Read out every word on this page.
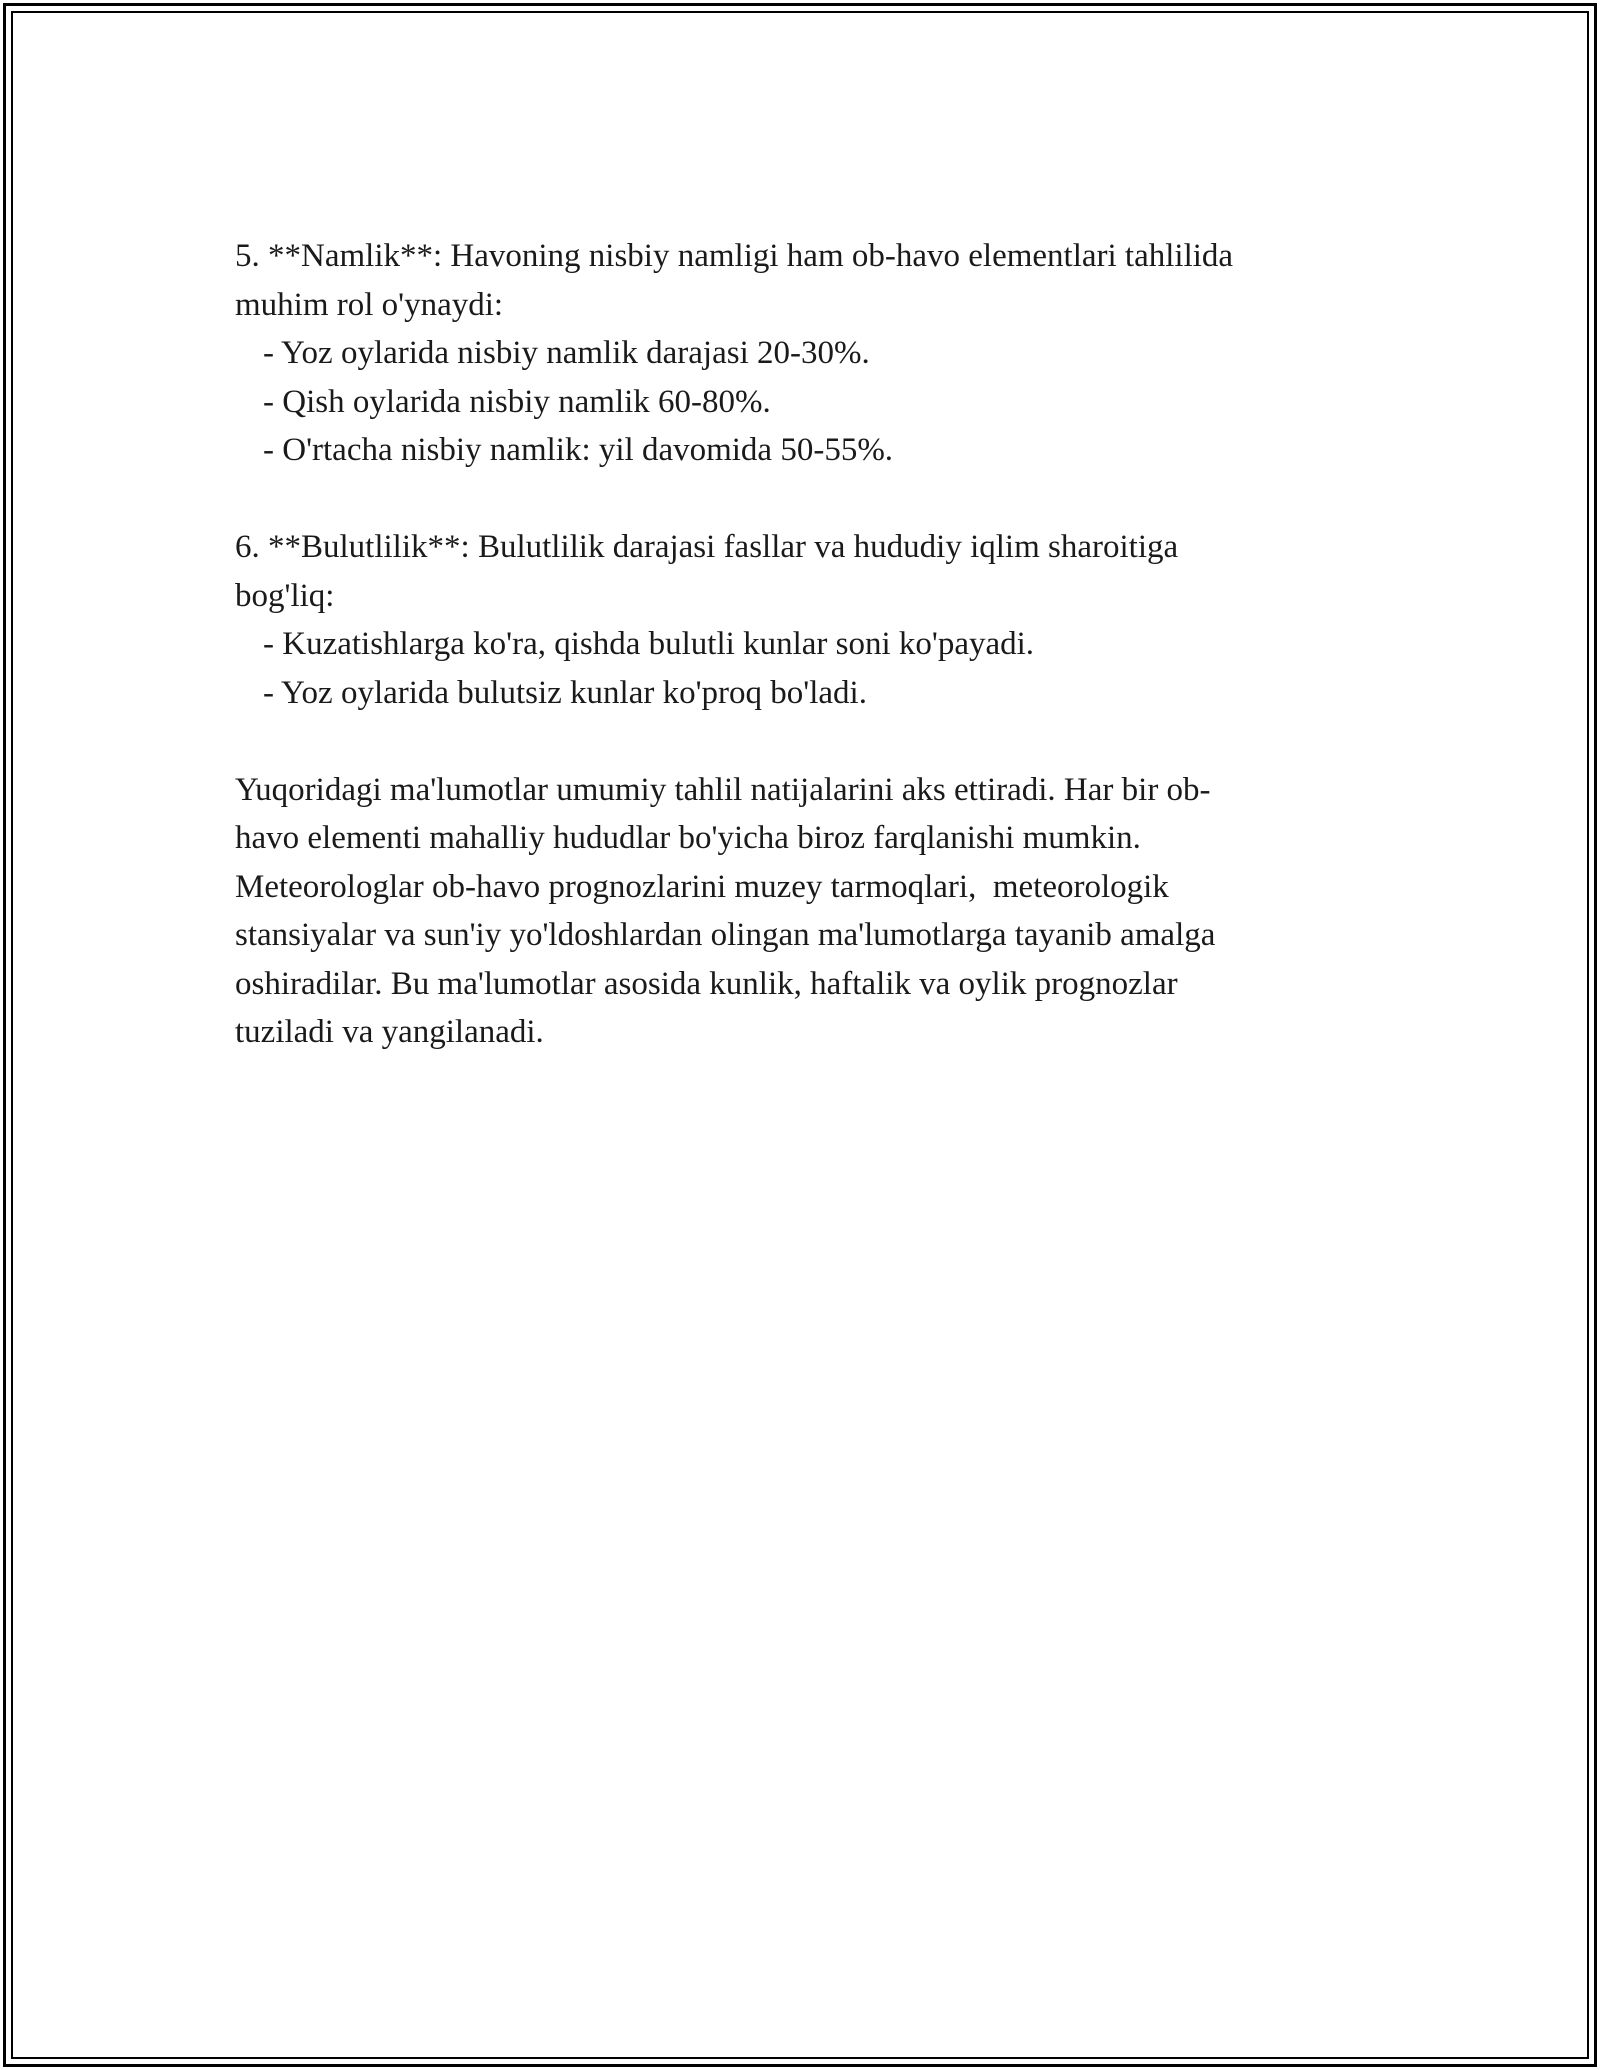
5. **Namlik**: Havoning nisbiy namligi ham ob-havo elementlari tahlilida

muhim rol o'ynaydi:

- Yoz oylarida nisbiy namlik darajasi 20-30%.

- Qish oylarida nisbiy namlik 60-80%.

- O'rtacha nisbiy namlik: yil davomida 50-55%.

6. **Bulutlilik**: Bulutlilik darajasi fasllar va hududiy iqlim sharoitiga

bog'liq:

- Kuzatishlarga ko'ra, qishda bulutli kunlar soni ko'payadi.

- Yoz oylarida bulutsiz kunlar ko'proq bo'ladi.

Yuqoridagi ma'lumotlar umumiy tahlil natijalarini aks ettiradi. Har bir ob-

havo elementi mahalliy hududlar bo'yicha biroz farqlanishi mumkin.

Meteorologlar ob-havo prognozlarini muzey tarmoqlari,  meteorologik

stansiyalar va sun'iy yo'ldoshlardan olingan ma'lumotlarga tayanib amalga

oshiradilar. Bu ma'lumotlar asosida kunlik, haftalik va oylik prognozlar

tuziladi va yangilanadi.
